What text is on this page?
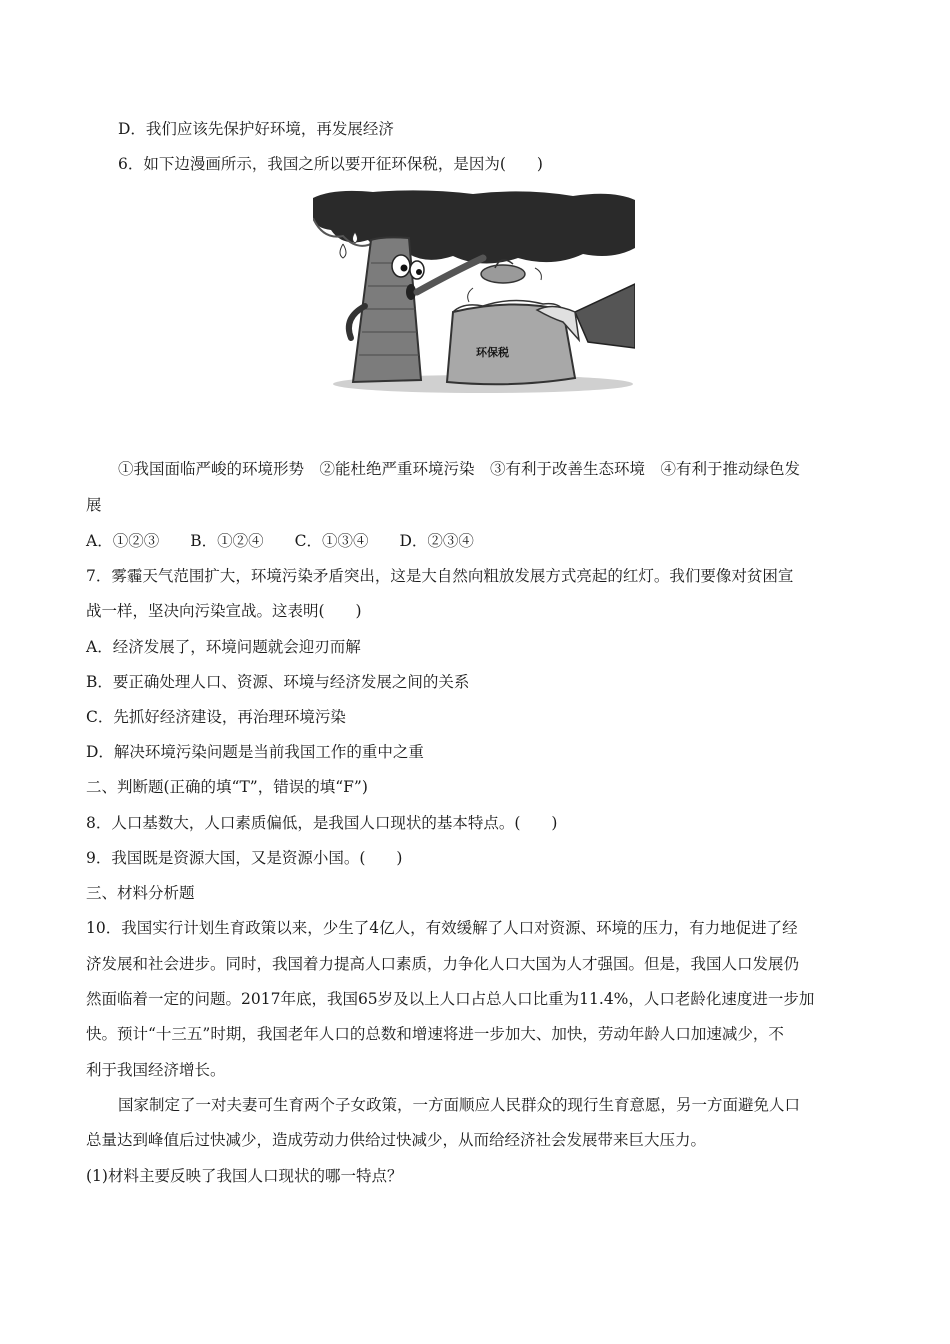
D．我们应该先保护好环境，再发展经济
6．如下边漫画所示，我国之所以要开征环保税，是因为(　　)
环保税
①我国面临严峻的环境形势　②能杜绝严重环境污染　③有利于改善生态环境　④有利于推动绿色发
展
A．①②③　　B．①②④　　C．①③④　　D．②③④
7．雾霾天气范围扩大，环境污染矛盾突出，这是大自然向粗放发展方式亮起的红灯。我们要像对贫困宣
战一样，坚决向污染宣战。这表明(　　)
A．经济发展了，环境问题就会迎刃而解
B．要正确处理人口、资源、环境与经济发展之间的关系
C．先抓好经济建设，再治理环境污染
D．解决环境污染问题是当前我国工作的重中之重
二、判断题(正确的填“T”，错误的填“F”)
8．人口基数大，人口素质偏低，是我国人口现状的基本特点。(　　)
9．我国既是资源大国，又是资源小国。(　　)
三、材料分析题
10．我国实行计划生育政策以来，少生了4亿人，有效缓解了人口对资源、环境的压力，有力地促进了经
济发展和社会进步。同时，我国着力提高人口素质，力争化人口大国为人才强国。但是，我国人口发展仍
然面临着一定的问题。2017年底，我国65岁及以上人口占总人口比重为11.4%，人口老龄化速度进一步加
快。预计“十三五”时期，我国老年人口的总数和增速将进一步加大、加快，劳动年龄人口加速减少，不
利于我国经济增长。
国家制定了一对夫妻可生育两个子女政策，一方面顺应人民群众的现行生育意愿，另一方面避免人口
总量达到峰值后过快减少，造成劳动力供给过快减少，从而给经济社会发展带来巨大压力。
(1)材料主要反映了我国人口现状的哪一特点？
